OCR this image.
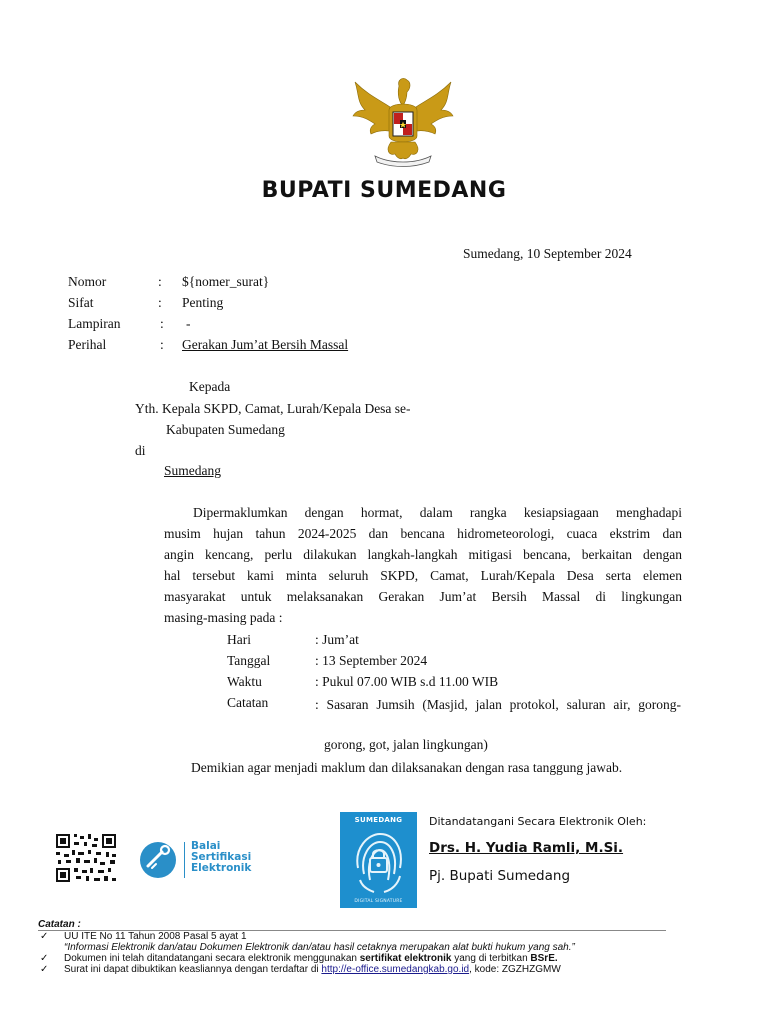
BUPATI SUMEDANG
Sumedang, 10 September 2024
Nomor	: ${nomer_surat}
Sifat	: Penting
Lampiran	: -
Perihal	: Gerakan Jum’at Bersih Massal
Kepada
Yth. Kepala SKPD, Camat, Lurah/Kepala Desa se-
Kabupaten Sumedang
di
Sumedang
Dipermaklumkan dengan hormat, dalam rangka kesiapsiagaan menghadapi
musim hujan tahun 2024-2025 dan bencana hidrometeorologi, cuaca ekstrim dan
angin kencang, perlu dilakukan langkah-langkah mitigasi bencana, berkaitan dengan
hal tersebut kami minta seluruh SKPD, Camat, Lurah/Kepala Desa serta elemen
masyarakat untuk melaksanakan Gerakan Jum’at Bersih Massal di lingkungan
masing-masing pada :
Hari	: Jum’at
Tanggal	: 13 September 2024
Waktu	: Pukul 07.00 WIB s.d 11.00 WIB
Catatan	: Sasaran Jumsih (Masjid, jalan protokol, saluran air, gorong-
gorong, got, jalan lingkungan)
Demikian agar menjadi maklum dan dilaksanakan dengan rasa tanggung jawab.
Balai
Sertifikasi
Elektronik
SUMEDANG
DIGITAL SIGNATURE
Ditandatangani Secara Elektronik Oleh:
Drs. H. Yudia Ramli, M.Si.
Pj. Bupati Sumedang
Catatan :
✓ UU ITE No 11 Tahun 2008 Pasal 5 ayat 1
“Informasi Elektronik dan/atau Dokumen Elektronik dan/atau hasil cetaknya merupakan alat bukti hukum yang sah.”
✓ Dokumen ini telah ditandatangani secara elektronik menggunakan sertifikat elektronik yang di terbitkan BSrE.
✓ Surat ini dapat dibuktikan keasliannya dengan terdaftar di http://e-office.sumedangkab.go.id, kode: ZGZHZGMW
